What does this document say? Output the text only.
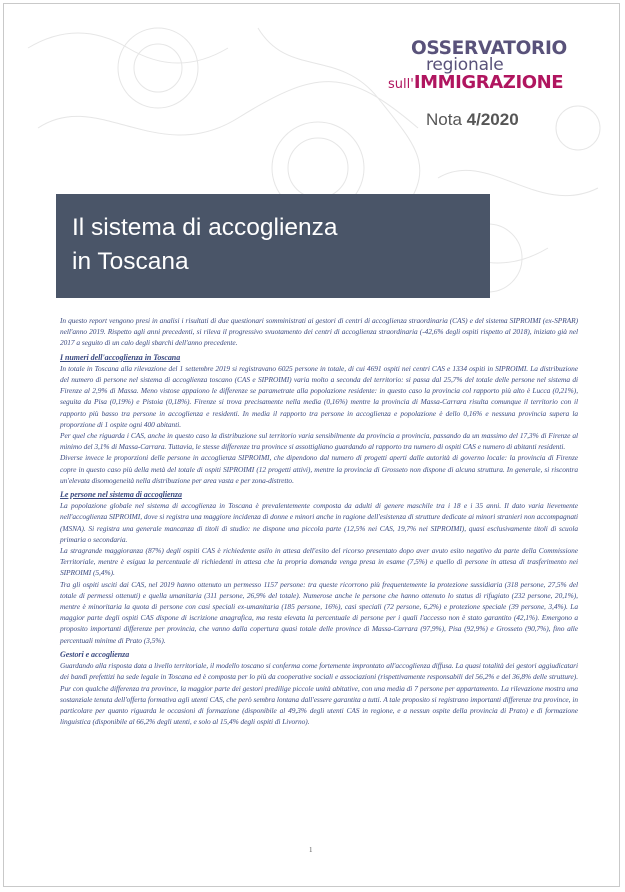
OSSERVATORIO
regionale
sull'IMMIGRAZIONE
Nota 4/2020
Il sistema di accoglienza
in Toscana

In questo report vengono presi in analisi i risultati di due questionari somministrati ai gestori di centri di accoglienza straordinaria (CAS) e del sistema SIPROIMI (ex-SPRAR) nell'anno 2019. Rispetto agli anni precedenti, si rileva il progressivo svuotamento dei centri di accoglienza straordinaria (-42,6% degli ospiti rispetto al 2018), iniziato già nel 2017 a seguito di un calo degli sbarchi dell'anno precedente.

I numeri dell'accoglienza in Toscana

In totale in Toscana alla rilevazione del 1 settembre 2019 si registravano 6025 persone in totale, di cui 4691 ospiti nei centri CAS e 1334 ospiti in SIPROIMI. La distribuzione del numero di persone nel sistema di accoglienza toscano (CAS e SIPROIMI) varia molto a seconda del territorio: si passa dal 25,7% del totale delle persone nel sistema di Firenze al 2,9% di Massa. Meno vistose appaiono le differenze se parametrate alla popolazione residente: in questo caso la provincia col rapporto più alto è Lucca (0,21%), seguita da Pisa (0,19%) e Pistoia (0,18%). Firenze si trova precisamente nella media (0,16%) mentre la provincia di Massa-Carrara risulta comunque il territorio con il rapporto più basso tra persone in accoglienza e residenti. In media il rapporto tra persone in accoglienza e popolazione è dello 0,16% e nessuna provincia supera la proporzione di 1 ospite ogni 400 abitanti.

Per quel che riguarda i CAS, anche in questo caso la distribuzione sul territorio varia sensibilmente da provincia a provincia, passando da un massimo del 17,3% di Firenze al minimo del 3,1% di Massa-Carrara. Tuttavia, le stesse differenze tra province si assottigliano guardando al rapporto tra numero di ospiti CAS e numero di abitanti residenti.

Diverse invece le proporzioni delle persone in accoglienza SIPROIMI, che dipendono dal numero di progetti aperti dalle autorità di governo locale: la provincia di Firenze copre in questo caso più della metà del totale di ospiti SIPROIMI (12 progetti attivi), mentre la provincia di Grosseto non dispone di alcuna struttura. In generale, si riscontra un'elevata disomogeneità nella distribuzione per area vasta e per zona-distretto.

Le persone nel sistema di accoglienza

La popolazione globale nel sistema di accoglienza in Toscana è prevalentemente composta da adulti di genere maschile tra i 18 e i 35 anni. Il dato varia lievemente nell'accoglienza SIPROIMI, dove si registra una maggiore incidenza di donne e minori anche in ragione dell'esistenza di strutture dedicate ai minori stranieri non accompagnati (MSNA). Si registra una generale mancanza di titoli di studio: ne dispone una piccola parte (12,5% nei CAS, 19,7% nei SIPROIMI), quasi esclusivamente titoli di scuola primaria o secondaria.

La stragrande maggioranza (87%) degli ospiti CAS è richiedente asilo in attesa dell'esito del ricorso presentato dopo aver avuto esito negativo da parte della Commissione Territoriale, mentre è esigua la percentuale di richiedenti in attesa che la propria domanda venga presa in esame (7,5%) e quello di persone in attesa di trasferimento nei SIPROIMI (5,4%).

Tra gli ospiti usciti dai CAS, nel 2019 hanno ottenuto un permesso 1157 persone: tra queste ricorrono più frequentemente la protezione sussidiaria (318 persone, 27,5% del totale di permessi ottenuti) e quella umanitaria (311 persone, 26,9% del totale). Numerose anche le persone che hanno ottenuto lo status di rifugiato (232 persone, 20,1%), mentre è minoritaria la quota di persone con casi speciali ex-umanitaria (185 persone, 16%), casi speciali (72 persone, 6,2%) e protezione speciale (39 persone, 3,4%). La maggior parte degli ospiti CAS dispone di iscrizione anagrafica, ma resta elevata la percentuale di persone per i quali l'accesso non è stato garantito (42,1%). Emergono a proposito importanti differenze per provincia, che vanno dalla copertura quasi totale delle province di Massa-Carrara (97,9%), Pisa (92,9%) e Grosseto (90,7%), fino alle percentuali minime di Prato (3,5%).

Gestori e accoglienza

Guardando alla risposta data a livello territoriale, il modello toscano si conferma come fortemente improntato all'accoglienza diffusa. La quasi totalità dei gestori aggiudicatari dei bandi prefettizi ha sede legale in Toscana ed è composta per lo più da cooperative sociali e associazioni (rispettivamente responsabili del 56,2% e del 36,8% delle strutture). Pur con qualche differenza tra province, la maggior parte dei gestori predilige piccole unità abitative, con una media di 7 persone per appartamento. La rilevazione mostra una sostanziale tenuta dell'offerta formativa agli utenti CAS, che però sembra lontana dall'essere garantita a tutti. A tale proposito si registrano importanti differenze tra province, in particolare per quanto riguarda le occasioni di formazione (disponibile al 49,3% degli utenti CAS in regione, e a nessun ospite della provincia di Prato) e di formazione linguistica (disponibile al 66,2% degli utenti, e solo al 15,4% degli ospiti di Livorno).

1
